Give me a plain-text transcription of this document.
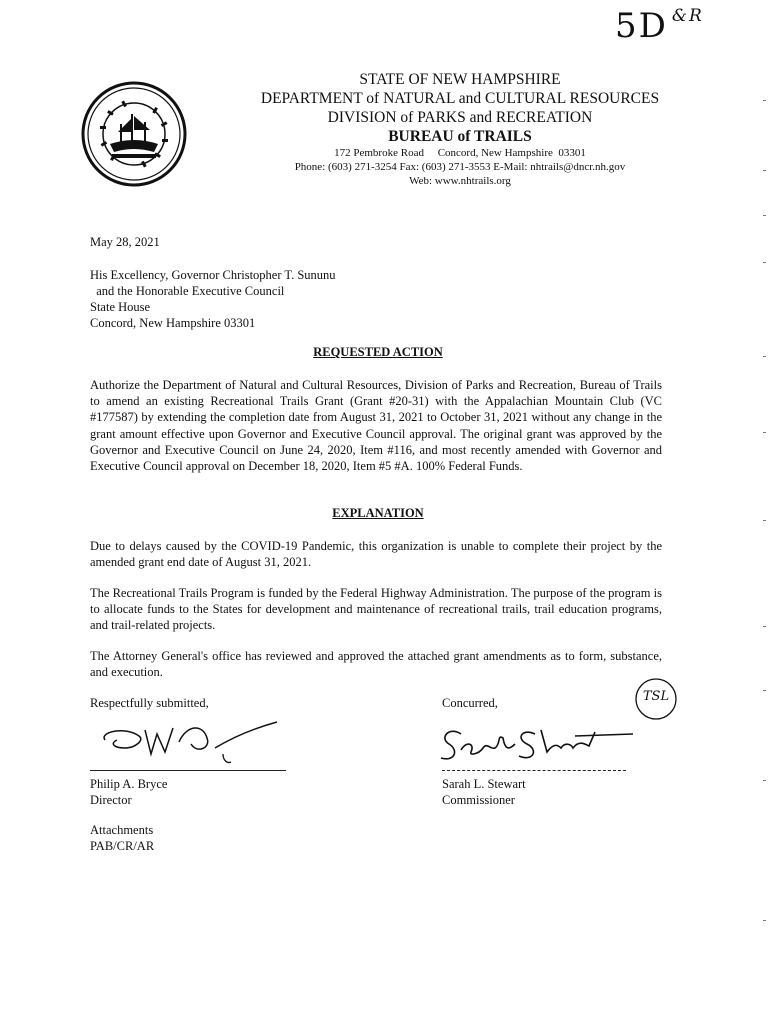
5D $^{\&R}$
STATE OF NEW HAMPSHIRE
DEPARTMENT of NATURAL and CULTURAL RESOURCES
DIVISION of PARKS and RECREATION
BUREAU of TRAILS
172 Pembroke Road     Concord, New Hampshire  03301
Phone: (603) 271-3254 Fax: (603) 271-3553 E-Mail: nhtrails@dncr.nh.gov
Web: www.nhtrails.org
May 28, 2021
His Excellency, Governor Christopher T. Sununu
and the Honorable Executive Council
State House
Concord, New Hampshire 03301
REQUESTED ACTION
Authorize the Department of Natural and Cultural Resources, Division of Parks and Recreation, Bureau of Trails to amend an existing Recreational Trails Grant (Grant #20-31) with the Appalachian Mountain Club (VC #177587) by extending the completion date from August 31, 2021 to October 31, 2021 without any change in the grant amount effective upon Governor and Executive Council approval. The original grant was approved by the Governor and Executive Council on June 24, 2020, Item #116, and most recently amended with Governor and Executive Council approval on December 18, 2020, Item #5 #A. 100% Federal Funds.
EXPLANATION
Due to delays caused by the COVID-19 Pandemic, this organization is unable to complete their project by the amended grant end date of August 31, 2021.
The Recreational Trails Program is funded by the Federal Highway Administration. The purpose of the program is to allocate funds to the States for development and maintenance of recreational trails, trail education programs, and trail-related projects.
The Attorney General's office has reviewed and approved the attached grant amendments as to form, substance, and execution.
Respectfully submitted,
Philip A. Bryce
Director
Concurred,
Sarah L. Stewart
Commissioner
TSL
Attachments
PAB/CR/AR
